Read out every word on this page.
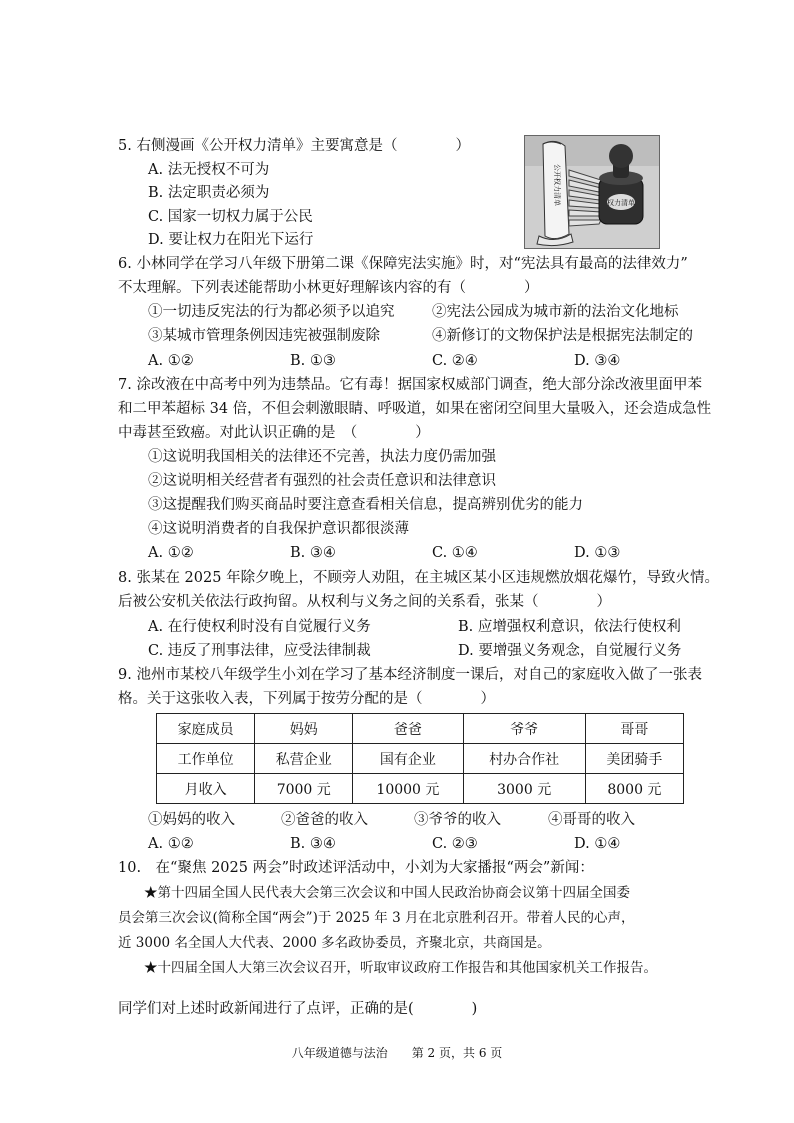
5. 右侧漫画《公开权力清单》主要寓意是（　　　　）
A. 法无授权不可为
B. 法定职责必须为
C. 国家一切权力属于公民
D. 要让权力在阳光下运行
权力清单
公开权力清单
6. 小林同学在学习八年级下册第二课《保障宪法实施》时，对“宪法具有最高的法律效力”
不太理解。下列表述能帮助小林更好理解该内容的有（　　　　）
①一切违反宪法的行为都必须予以追究	②宪法公园成为城市新的法治文化地标
③某城市管理条例因违宪被强制废除	④新修订的文物保护法是根据宪法制定的
A. ①②	B. ①③	C. ②④	D. ③④
7. 涂改液在中高考中列为违禁品。它有毒！据国家权威部门调查，绝大部分涂改液里面甲苯
和二甲苯超标 34 倍，不但会刺激眼睛、呼吸道，如果在密闭空间里大量吸入，还会造成急性
中毒甚至致癌。对此认识正确的是　（　　　　）
①这说明我国相关的法律还不完善，执法力度仍需加强
②这说明相关经营者有强烈的社会责任意识和法律意识
③这提醒我们购买商品时要注意查看相关信息，提高辨别优劣的能力
④这说明消费者的自我保护意识都很淡薄
A. ①②	B. ③④	C. ①④	D. ①③
8. 张某在 2025 年除夕晚上，不顾旁人劝阻，在主城区某小区违规燃放烟花爆竹，导致火情。
后被公安机关依法行政拘留。从权利与义务之间的关系看，张某（　　　　）
A. 在行使权利时没有自觉履行义务	B. 应增强权利意识，依法行使权利
C. 违反了刑事法律，应受法律制裁	D. 要增强义务观念，自觉履行义务
9. 池州市某校八年级学生小刘在学习了基本经济制度一课后，对自己的家庭收入做了一张表
格。关于这张收入表，下列属于按劳分配的是（　　　　）
家庭成员	妈妈	爸爸	爷爷	哥哥
工作单位	私营企业	国有企业	村办合作社	美团骑手
月收入	7000 元	10000 元	3000 元	8000 元
①妈妈的收入	②爸爸的收入	③爷爷的收入	④哥哥的收入
A. ①②	B. ③④	C. ②③	D. ①④
10.　在“聚焦 2025 两会”时政述评活动中，小刘为大家播报“两会”新闻：
★第十四届全国人民代表大会第三次会议和中国人民政治协商会议第十四届全国委
员会第三次会议(简称全国“两会”)于 2025 年 3 月在北京胜利召开。带着人民的心声，
近 3000 名全国人大代表、2000 多名政协委员，齐聚北京，共商国是。
★十四届全国人大第三次会议召开，听取审议政府工作报告和其他国家机关工作报告。
同学们对上述时政新闻进行了点评，正确的是(　　　　)
八年级道德与法治　　第 2 页，共 6 页
